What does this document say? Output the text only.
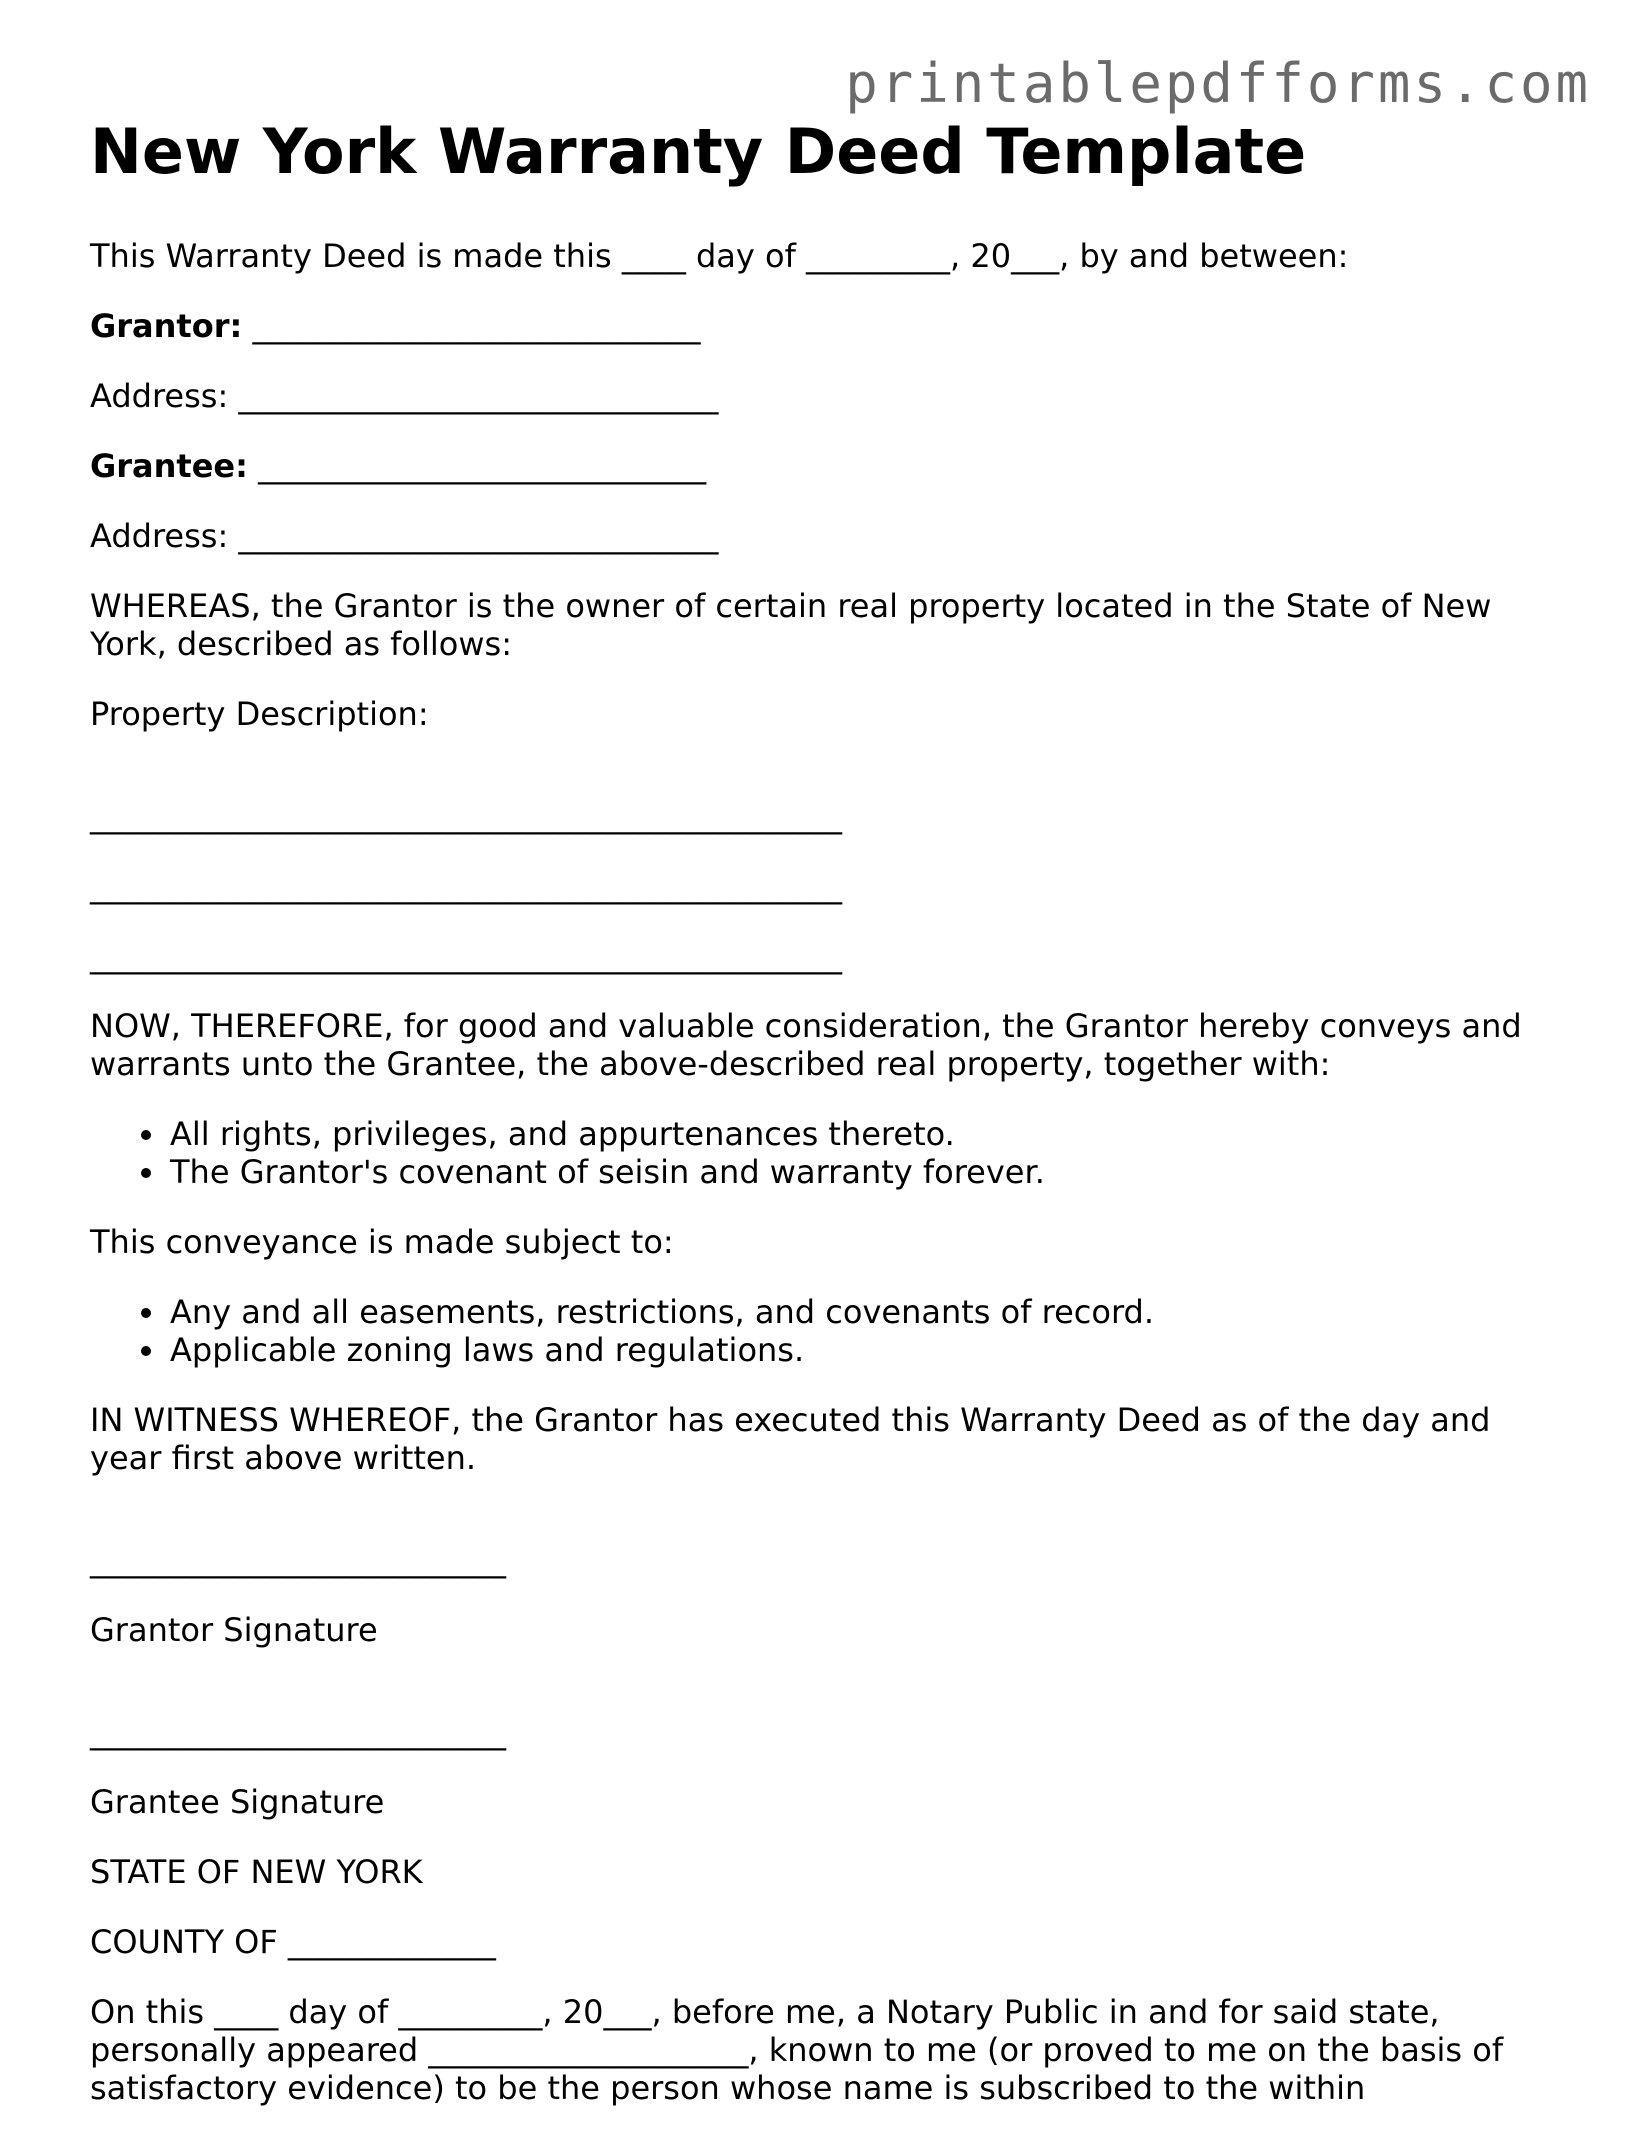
printablepdfforms.com
New York Warranty Deed Template

This Warranty Deed is made this ____ day of _________, 20___, by and between:

Grantor: ____________________________

Address: ______________________________

Grantee: ____________________________

Address: ______________________________

WHEREAS, the Grantor is the owner of certain real property located in the State of New York, described as follows:

Property Description:

_______________________________________________
_______________________________________________
_______________________________________________

NOW, THEREFORE, for good and valuable consideration, the Grantor hereby conveys and warrants unto the Grantee, the above-described real property, together with:

• All rights, privileges, and appurtenances thereto.
• The Grantor's covenant of seisin and warranty forever.

This conveyance is made subject to:

• Any and all easements, restrictions, and covenants of record.
• Applicable zoning laws and regulations.

IN WITNESS WHEREOF, the Grantor has executed this Warranty Deed as of the day and year first above written.

__________________________

Grantor Signature

__________________________

Grantee Signature

STATE OF NEW YORK

COUNTY OF _____________

On this ____ day of _________, 20___, before me, a Notary Public in and for said state, personally appeared ____________________, known to me (or proved to me on the basis of satisfactory evidence) to be the person whose name is subscribed to the within
